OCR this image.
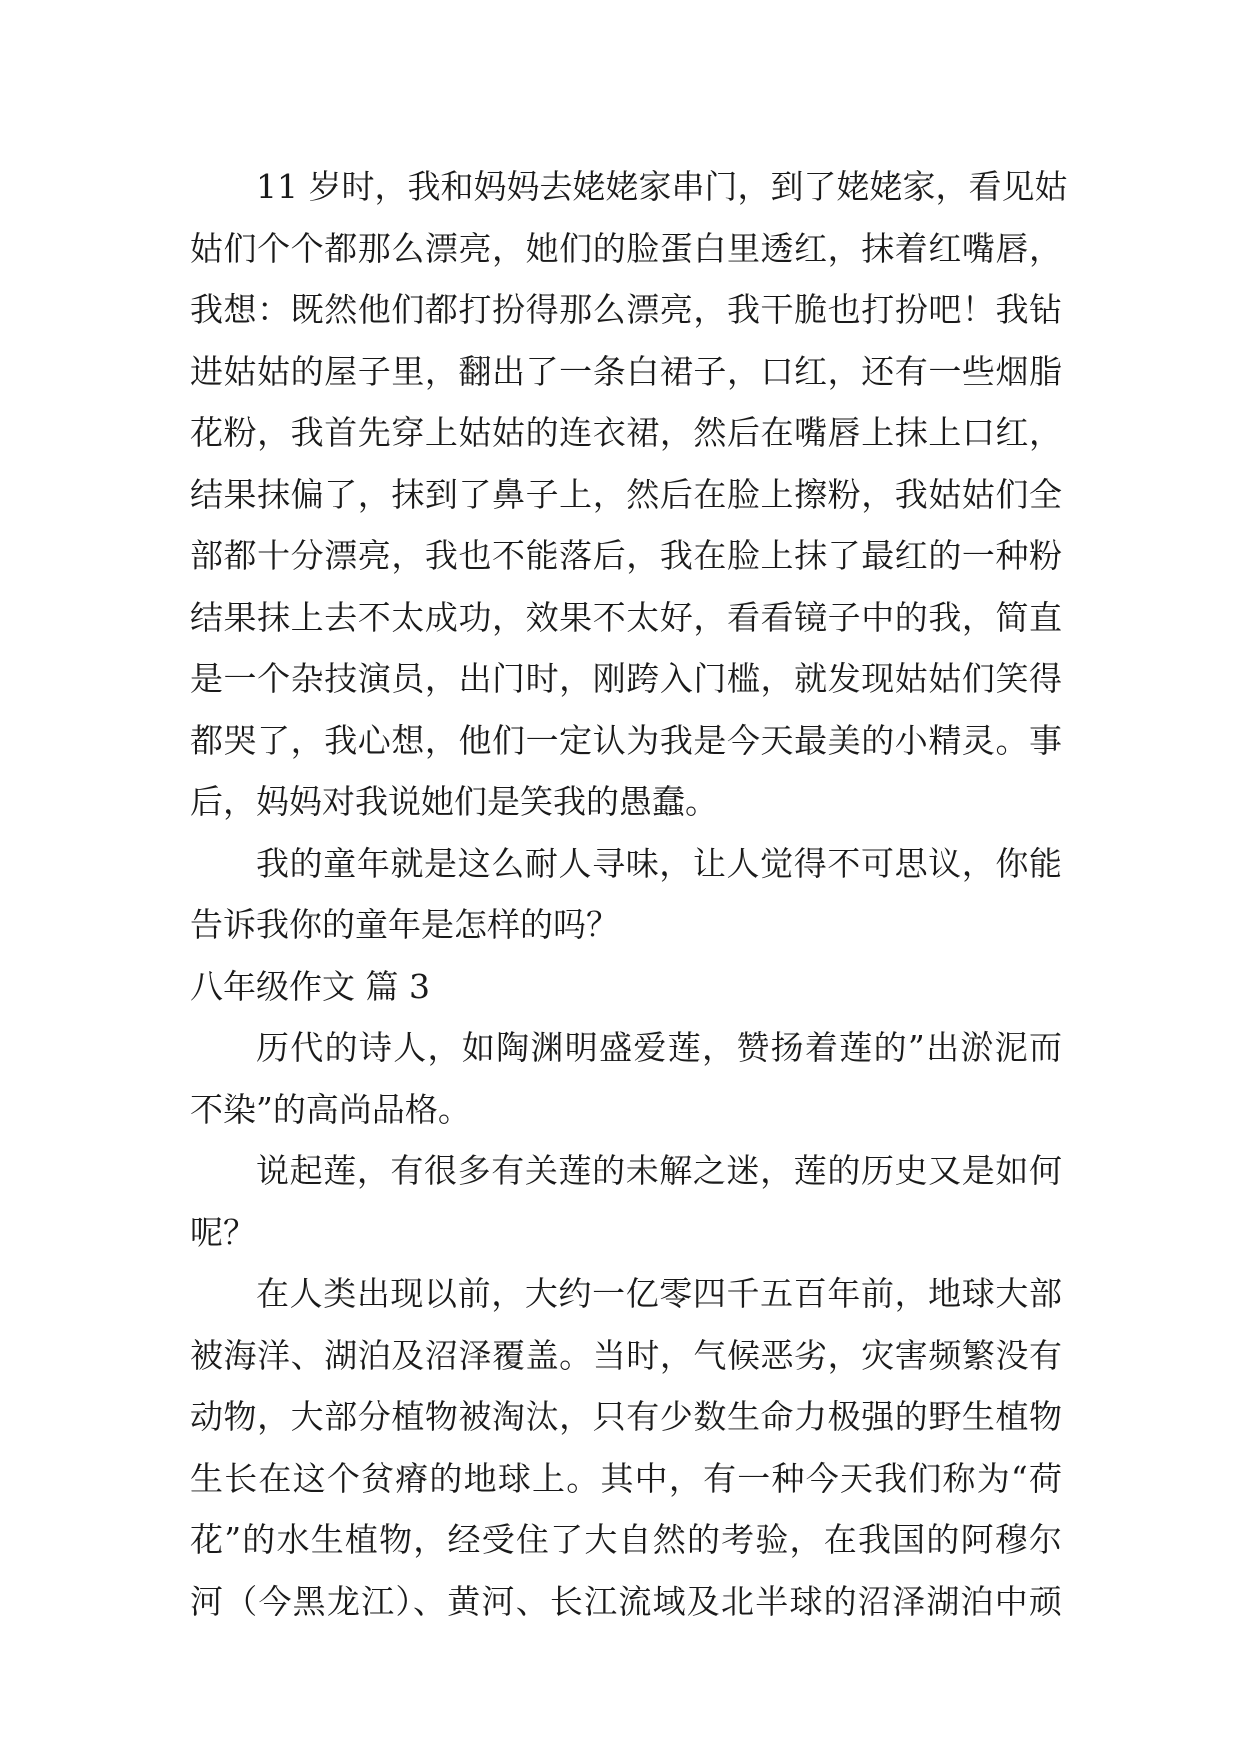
11 岁时，我和妈妈去姥姥家串门，到了姥姥家，看见姑
姑们个个都那么漂亮，她们的脸蛋白里透红，抹着红嘴唇，
我想：既然他们都打扮得那么漂亮，我干脆也打扮吧！我钻
进姑姑的屋子里，翻出了一条白裙子，口红，还有一些烟脂
花粉，我首先穿上姑姑的连衣裙，然后在嘴唇上抹上口红，
结果抹偏了，抹到了鼻子上，然后在脸上擦粉，我姑姑们全
部都十分漂亮，我也不能落后，我在脸上抹了最红的一种粉
结果抹上去不太成功，效果不太好，看看镜子中的我，简直
是一个杂技演员，出门时，刚跨入门槛，就发现姑姑们笑得
都哭了，我心想，他们一定认为我是今天最美的小精灵。事
后，妈妈对我说她们是笑我的愚蠢。
我的童年就是这么耐人寻味，让人觉得不可思议，你能
告诉我你的童年是怎样的吗？
八年级作文 篇 3
历代的诗人，如陶渊明盛爱莲，赞扬着莲的”出淤泥而
不染”的高尚品格。
说起莲，有很多有关莲的未解之迷，莲的历史又是如何
呢？
在人类出现以前，大约一亿零四千五百年前，地球大部
被海洋、湖泊及沼泽覆盖。当时，气候恶劣，灾害频繁没有
动物，大部分植物被淘汰，只有少数生命力极强的野生植物
生长在这个贫瘠的地球上。其中，有一种今天我们称为“荷
花”的水生植物，经受住了大自然的考验，在我国的阿穆尔
河（今黑龙江）、黄河、长江流域及北半球的沼泽湖泊中顽
